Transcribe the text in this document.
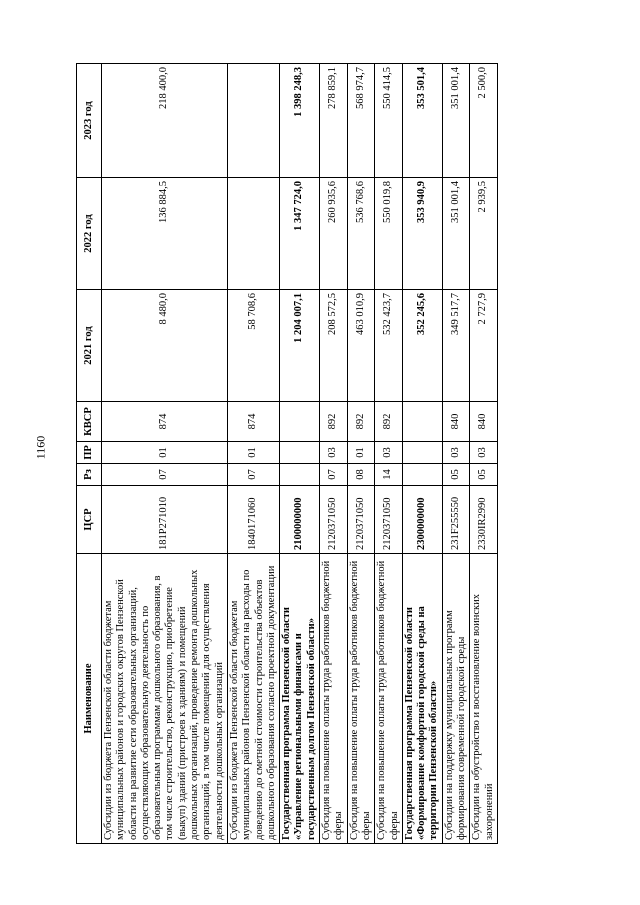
1160
Наименование	ЦСР	Рз	ПР	КВСР	2021 год	2022 год	2023 год
Субсидии из бюджета Пензенской области бюджетам муниципальных районов и городских округов Пензенской области на развитие сети образовательных организаций, осуществляющих образовательную деятельность по образовательным программам дошкольного образования, в том числе строительство, реконструкцию, приобретение (выкуп) зданий (пристроев к зданиям) и помещений дошкольных организаций, проведение ремонта дошкольных организаций, в том числе помещений для осуществления деятельности дошкольных организаций	181P271010	07	01	874	8 480,0	136 884,5	218 400,0
Субсидии из бюджета Пензенской области бюджетам муниципальных районов Пензенской области на расходы по доведению до сметной стоимости строительства объектов дошкольного образования согласно проектной документации	1840171060	07	01	874	58 708,6		
Государственная программа Пензенской области «Управление региональными финансами и государственным долгом Пензенской области»	2100000000				1 204 007,1	1 347 724,0	1 398 248,3
Субсидия на повышение оплаты труда работников бюджетной сферы	2120371050	07	03	892	208 572,5	260 935,6	278 859,1
Субсидия на повышение оплаты труда работников бюджетной сферы	2120371050	08	01	892	463 010,9	536 768,6	568 974,7
Субсидия на повышение оплаты труда работников бюджетной сферы	2120371050	14	03	892	532 423,7	550 019,8	550 414,5
Государственная программа Пензенской области «Формирование комфортной городской среды на территории Пензенской области»	2300000000				352 245,6	353 940,9	353 501,4
Субсидии на поддержку муниципальных программ формирования современной городской среды	231F255550	05	03	840	349 517,7	351 001,4	351 001,4
Субсидии на обустройство и восстановление воинских захоронений	2330IR2990	05	03	840	2 727,9	2 939,5	2 500,0
